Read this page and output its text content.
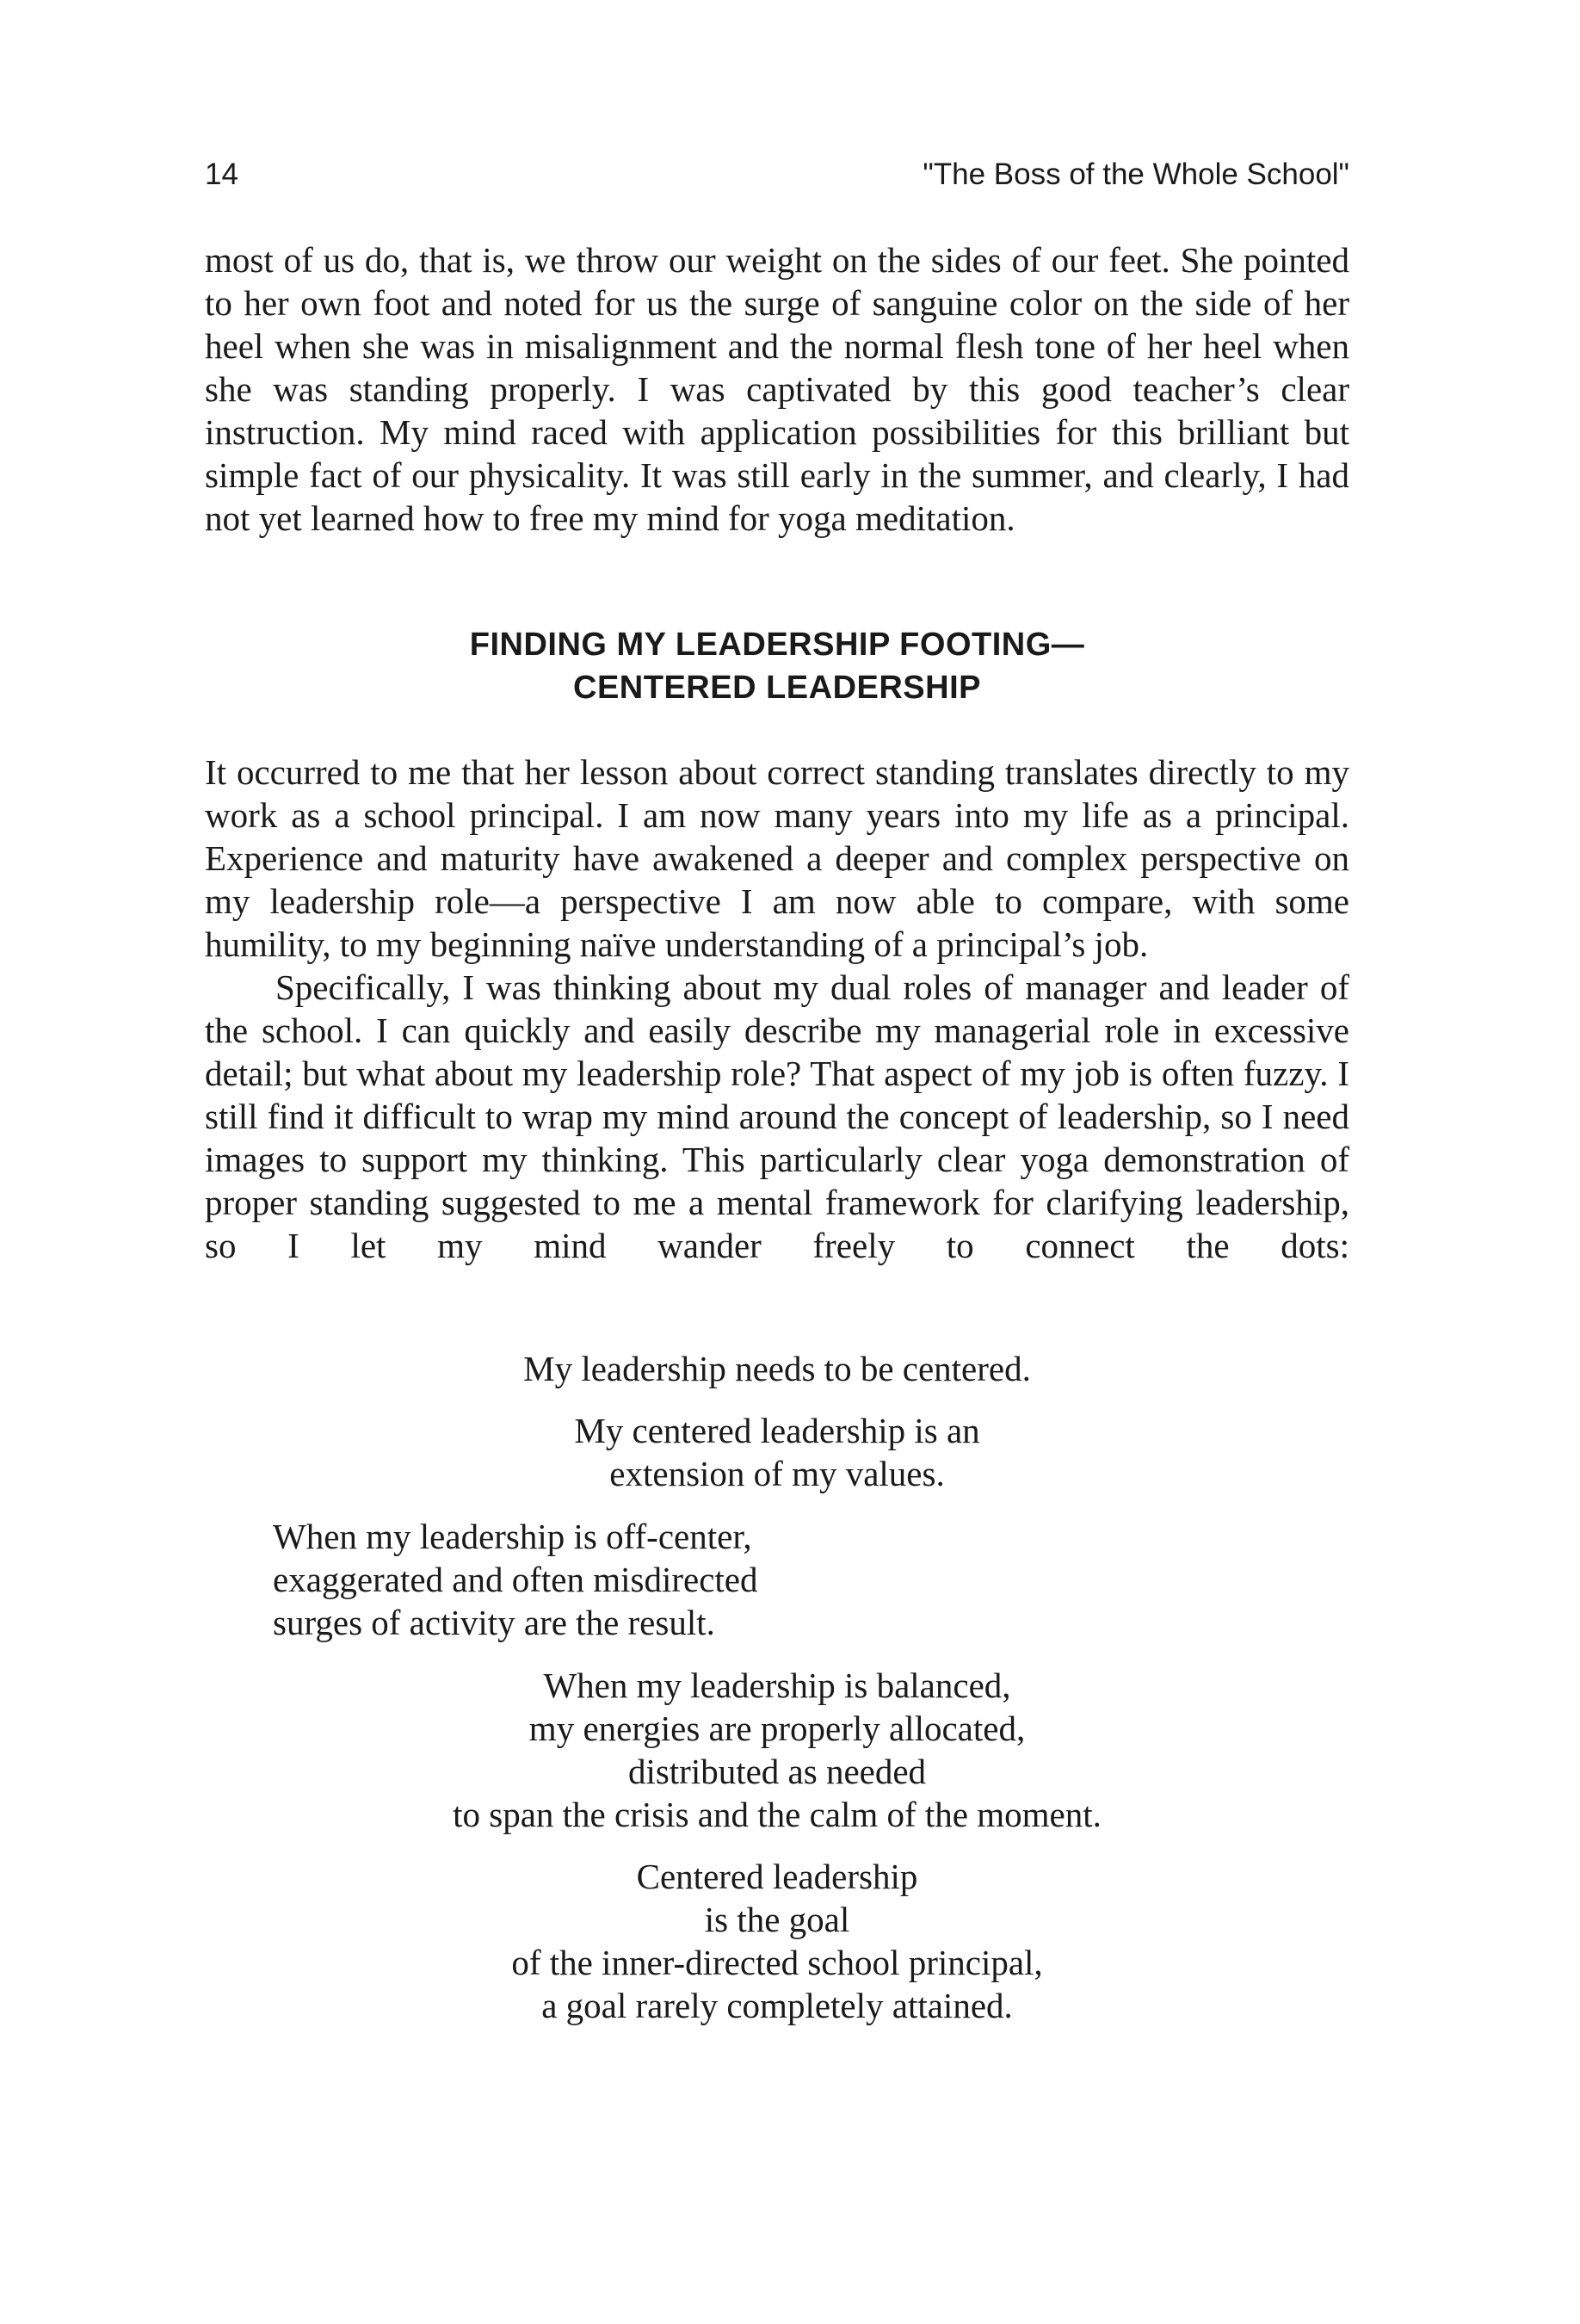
14	"The Boss of the Whole School"

most of us do, that is, we throw our weight on the sides of our feet. She pointed to her own foot and noted for us the surge of sanguine color on the side of her heel when she was in misalignment and the normal flesh tone of her heel when she was standing properly. I was captivated by this good teacher’s clear instruction. My mind raced with application possibilities for this brilliant but simple fact of our physicality. It was still early in the summer, and clearly, I had not yet learned how to free my mind for yoga meditation.

FINDING MY LEADERSHIP FOOTING—
CENTERED LEADERSHIP

It occurred to me that her lesson about correct standing translates directly to my work as a school principal. I am now many years into my life as a principal. Experience and maturity have awakened a deeper and complex perspective on my leadership role—a perspective I am now able to compare, with some humility, to my beginning naïve understanding of a principal’s job.

Specifically, I was thinking about my dual roles of manager and leader of the school. I can quickly and easily describe my managerial role in excessive detail; but what about my leadership role? That aspect of my job is often fuzzy. I still find it difficult to wrap my mind around the concept of leadership, so I need images to support my thinking. This particularly clear yoga demonstration of proper standing suggested to me a mental framework for clarifying leadership, so I let my mind wander freely to connect the dots:

My leadership needs to be centered.
My centered leadership is an
extension of my values.
When my leadership is off-center,
exaggerated and often misdirected
surges of activity are the result.
When my leadership is balanced,
my energies are properly allocated,
distributed as needed
to span the crisis and the calm of the moment.
Centered leadership
is the goal
of the inner-directed school principal,
a goal rarely completely attained.
